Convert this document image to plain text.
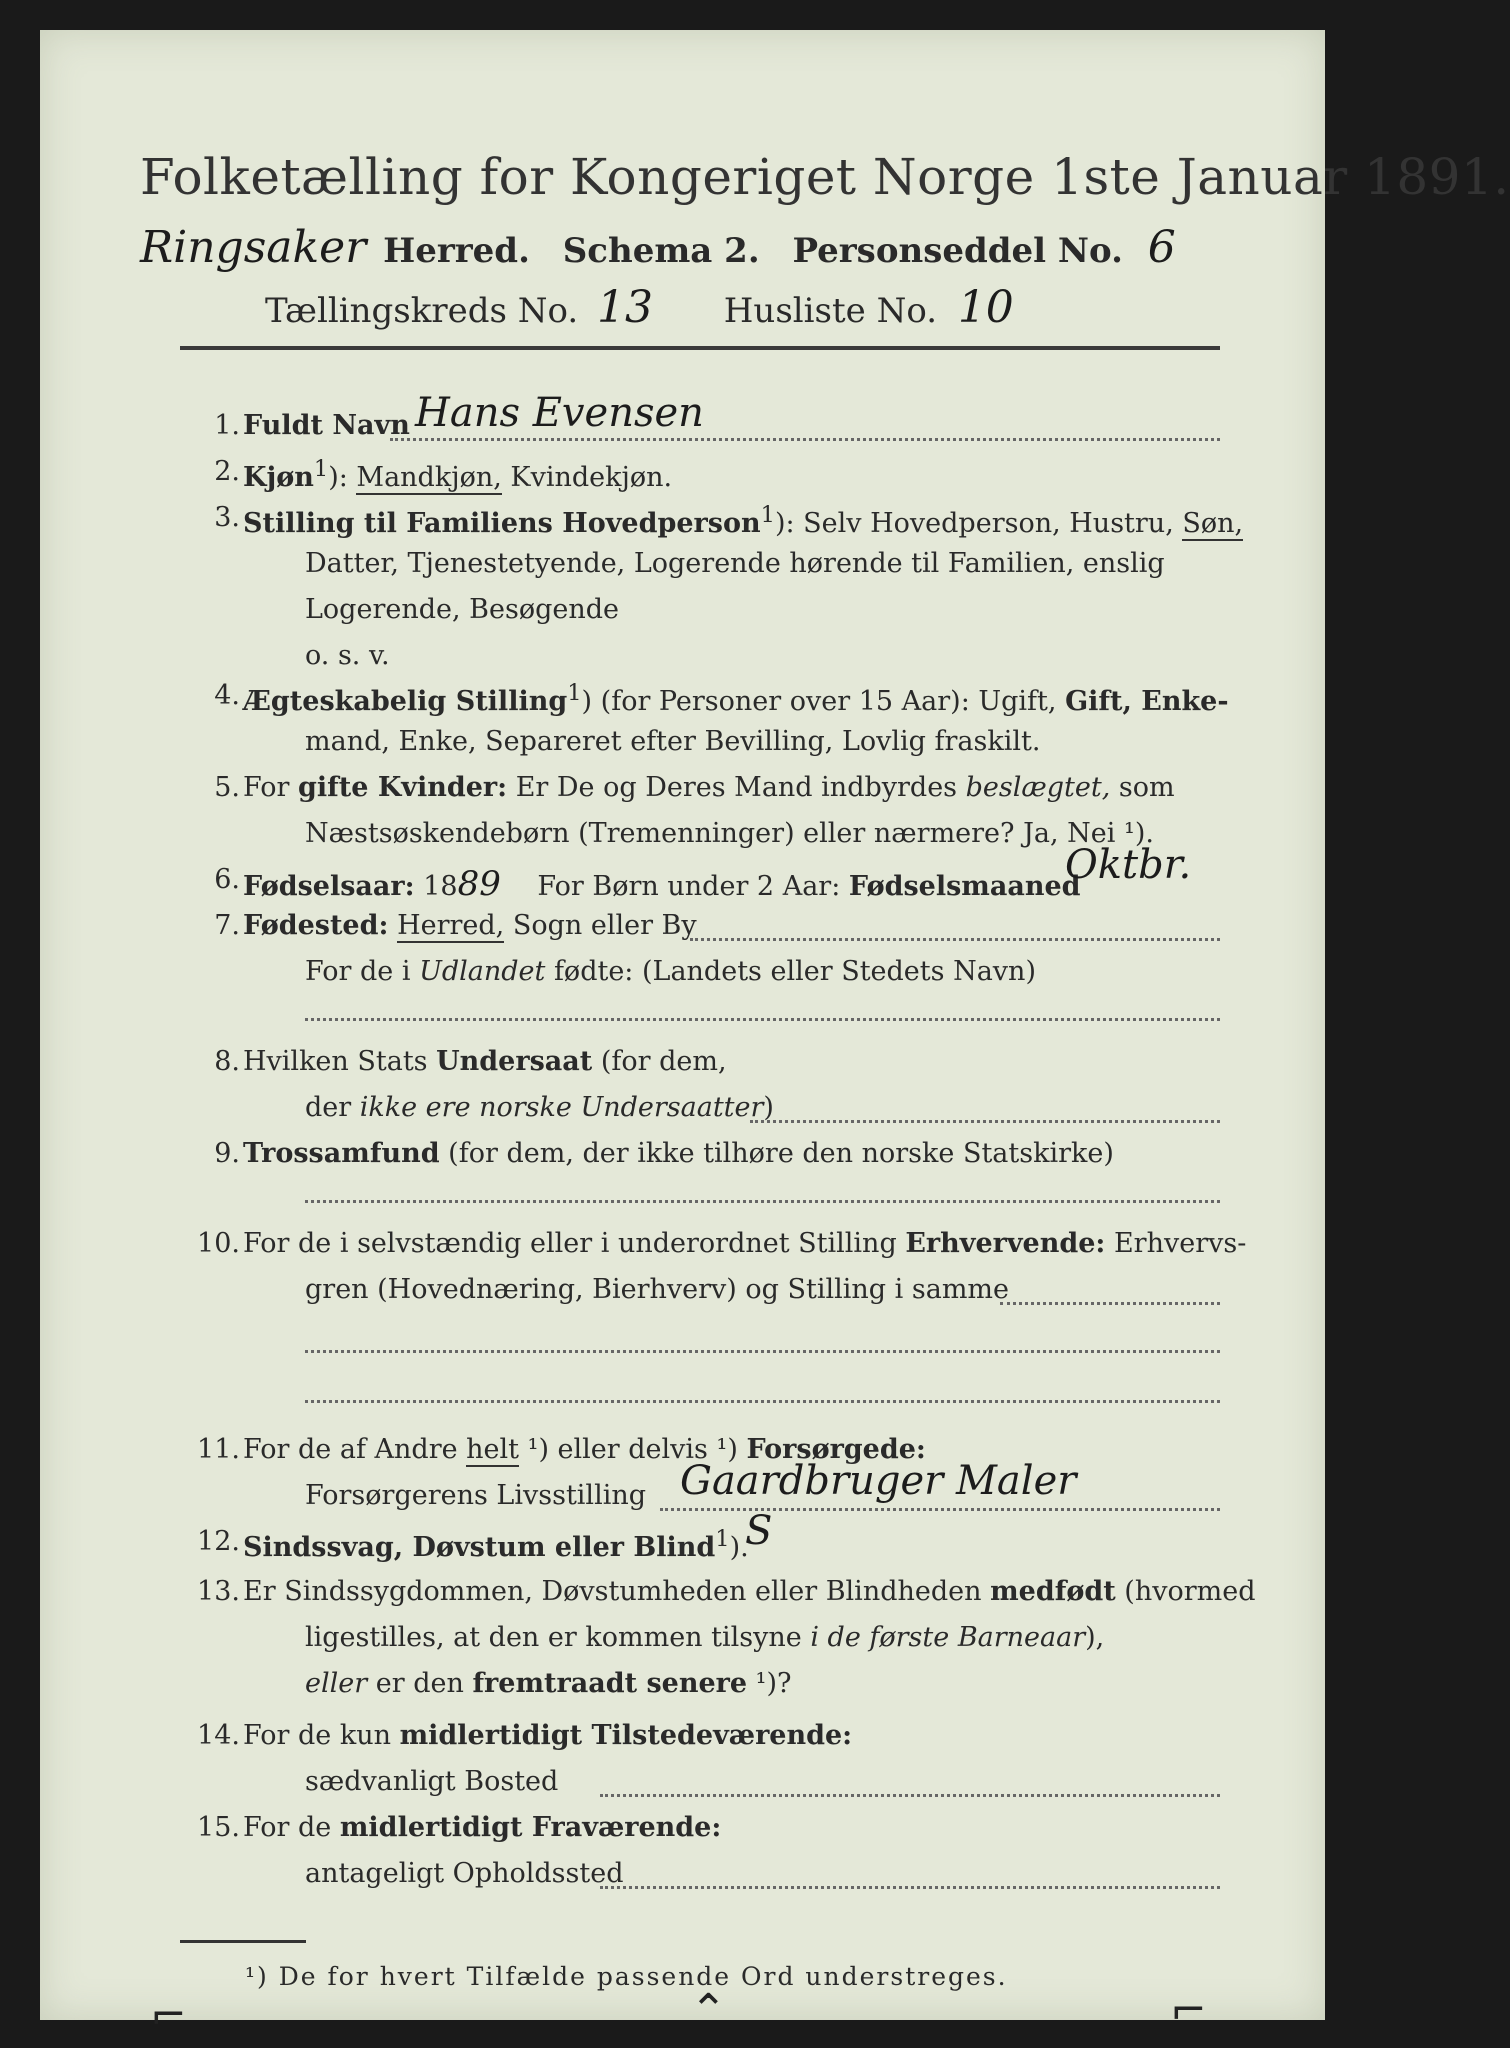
Folketælling for Kongeriget Norge 1ste Januar 1891.
Ringsaker Herred. Schema 2. Personseddel No. 6
Tællingskreds No. 13 Husliste No. 10
1. Fuldt Navn Hans Evensen
2. Kjøn$^1$): Mandkjøn, Kvindekjøn.
3. Stilling til Familiens Hovedperson$^1$): Selv Hovedperson, Hustru, Søn,
Datter, Tjenestetyende, Logerende hørende til Familien, enslig
Logerende, Besøgende
o. s. v.
4. Ægteskabelig Stilling$^1$) (for Personer over 15 Aar): Ugift, Gift, Enke-
mand, Enke, Separeret efter Bevilling, Lovlig fraskilt.
5. For gifte Kvinder: Er De og Deres Mand indbyrdes beslægtet, som
Næstsøskendebørn (Tremenninger) eller nærmere? Ja, Nei ¹).
6. Fødselsaar: 1889 For Børn under 2 Aar: Fødselsmaaned
Oktbr.
7. Fødested: Herred, Sogn eller By
For de i Udlandet fødte: (Landets eller Stedets Navn)
8. Hvilken Stats Undersaat (for dem,
der ikke ere norske Undersaatter)
9. Trossamfund (for dem, der ikke tilhøre den norske Statskirke)
10. For de i selvstændig eller i underordnet Stilling Erhvervende: Erhvervs-
gren (Hovednæring, Bierhverv) og Stilling i samme
11. For de af Andre helt ¹) eller delvis ¹) Forsørgede:
Forsørgerens Livsstilling Gaardbruger Maler
12. Sindssvag, Døvstum eller Blind$^1$).
S
13. Er Sindssygdommen, Døvstumheden eller Blindheden medfødt (hvormed
ligestilles, at den er kommen tilsyne i de første Barneaar),
eller er den fremtraadt senere ¹)?
14. For de kun midlertidigt Tilstedeværende:
sædvanligt Bosted
15. For de midlertidigt Fraværende:
antageligt Opholdssted
¹) De for hvert Tilfælde passende Ord understreges.
⌐	⌃	⌐
